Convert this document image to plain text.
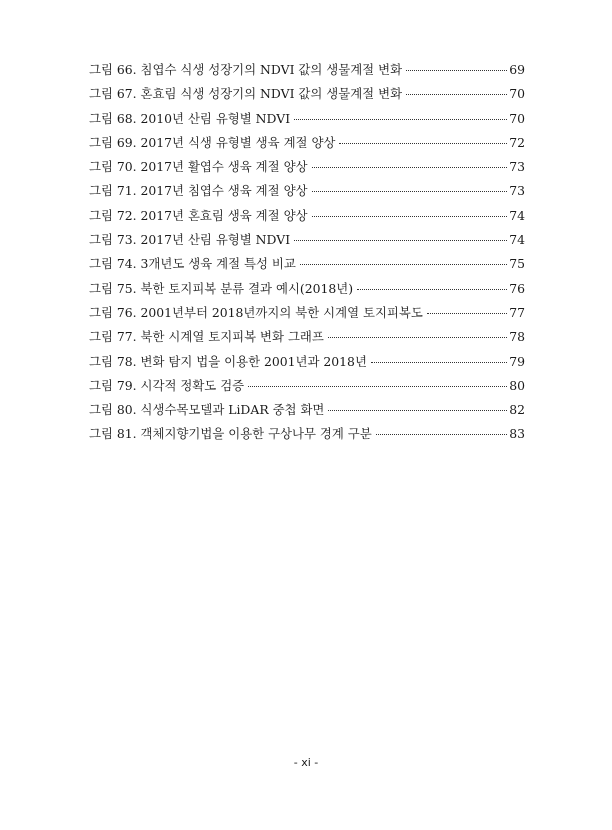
그림 66. 침엽수 식생 성장기의 NDVI 값의 생물계절 변화	69
그림 67. 혼효림 식생 성장기의 NDVI 값의 생물계절 변화	70
그림 68. 2010년 산림 유형별 NDVI	70
그림 69. 2017년 식생 유형별 생육 계절 양상	72
그림 70. 2017년 활엽수 생육 계절 양상	73
그림 71. 2017년 침엽수 생육 계절 양상	73
그림 72. 2017년 혼효림 생육 계절 양상	74
그림 73. 2017년 산림 유형별 NDVI	74
그림 74. 3개년도 생육 계절 특성 비교	75
그림 75. 북한 토지피복 분류 결과 예시(2018년)	76
그림 76. 2001년부터 2018년까지의 북한 시계열 토지피복도	77
그림 77. 북한 시계열 토지피복 변화 그래프	78
그림 78. 변화 탐지 법을 이용한 2001년과 2018년	79
그림 79. 시각적 정확도 검증	80
그림 80. 식생수목모델과 LiDAR 중첩 화면	82
그림 81. 객체지향기법을 이용한 구상나무 경계 구분	83
- xi -
